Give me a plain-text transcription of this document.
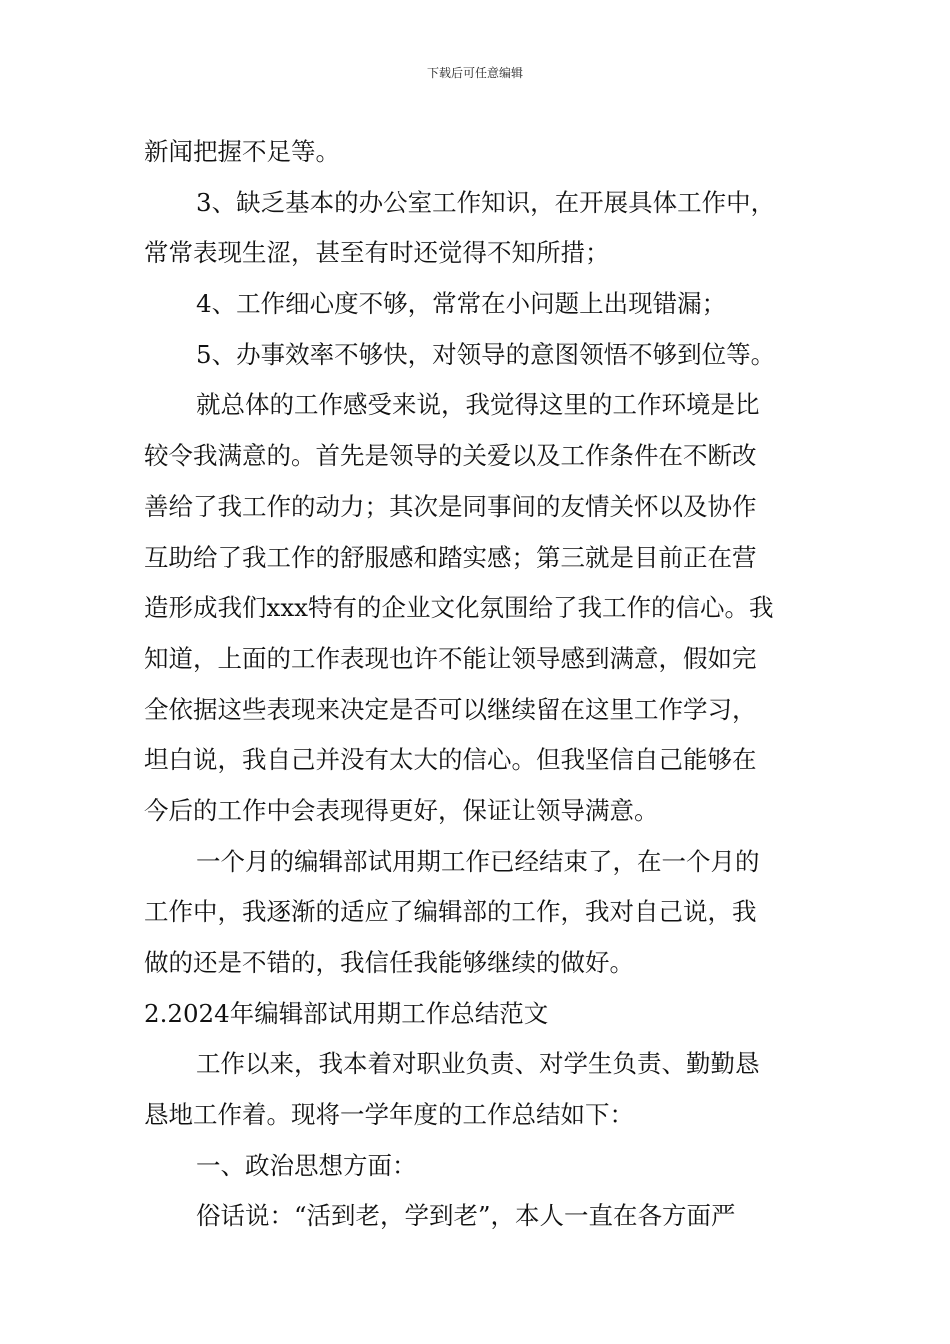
下载后可任意编辑
新闻把握不足等。
3、缺乏基本的办公室工作知识，在开展具体工作中，
常常表现生涩，甚至有时还觉得不知所措；
4、工作细心度不够，常常在小问题上出现错漏；
5、办事效率不够快，对领导的意图领悟不够到位等。
就总体的工作感受来说，我觉得这里的工作环境是比
较令我满意的。首先是领导的关爱以及工作条件在不断改
善给了我工作的动力；其次是同事间的友情关怀以及协作
互助给了我工作的舒服感和踏实感；第三就是目前正在营
造形成我们xxx特有的企业文化氛围给了我工作的信心。我
知道，上面的工作表现也许不能让领导感到满意，假如完
全依据这些表现来决定是否可以继续留在这里工作学习，
坦白说，我自己并没有太大的信心。但我坚信自己能够在
今后的工作中会表现得更好，保证让领导满意。
一个月的编辑部试用期工作已经结束了，在一个月的
工作中，我逐渐的适应了编辑部的工作，我对自己说，我
做的还是不错的，我信任我能够继续的做好。
2.2024年编辑部试用期工作总结范文
工作以来，我本着对职业负责、对学生负责、勤勤恳
恳地工作着。现将一学年度的工作总结如下：
一、政治思想方面：
俗话说：“活到老，学到老”，本人一直在各方面严
